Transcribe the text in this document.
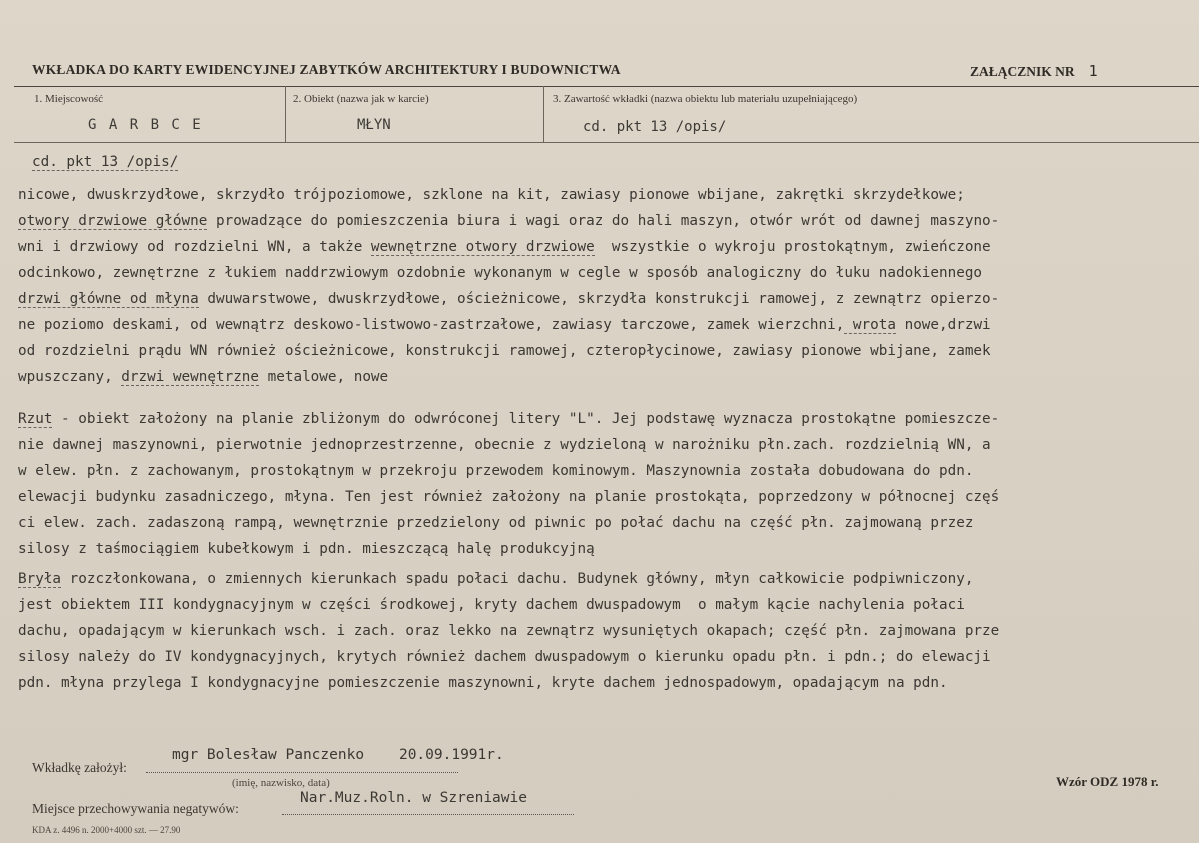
WKŁADKA DO KARTY EWIDENCYJNEJ ZABYTKÓW ARCHITEKTURY I BUDOWNICTWA	ZAŁĄCZNIK NR 1
1. Miejscowość
G A R B C E
2. Obiekt (nazwa jak w karcie)
MŁYN
3. Zawartość wkładki (nazwa obiektu lub materiału uzupełniającego)
cd. pkt 13 /opis/
cd. pkt 13 /opis/
nicowe, dwuskrzydłowe, skrzydło trójpoziomowe, szklone na kit, zawiasy pionowe wbijane, zakrętki skrzydełkowe;
otwory drzwiowe główne prowadzące do pomieszczenia biura i wagi oraz do hali maszyn, otwór wrót od dawnej maszyno-
wni i drzwiowy od rozdzielni WN, a także wewnętrzne otwory drzwiowe  wszystkie o wykroju prostokątnym, zwieńczone
odcinkowo, zewnętrzne z łukiem naddrzwiowym ozdobnie wykonanym w cegle w sposób analogiczny do łuku nadokiennego
drzwi główne od młyna dwuwarstwowe, dwuskrzydłowe, ościeżnicowe, skrzydła konstrukcji ramowej, z zewnątrz opierzo-
ne poziomo deskami, od wewnątrz deskowo-listwowo-zastrzałowe, zawiasy tarczowe, zamek wierzchni, wrota nowe,drzwi
od rozdzielni prądu WN również ościeżnicowe, konstrukcji ramowej, czteropłycinowe, zawiasy pionowe wbijane, zamek
wpuszczany, drzwi wewnętrzne metalowe, nowe
Rzut - obiekt założony na planie zbliżonym do odwróconej litery "L". Jej podstawę wyznacza prostokątne pomieszcze-
nie dawnej maszynowni, pierwotnie jednoprzestrzenne, obecnie z wydzieloną w narożniku płn.zach. rozdzielnią WN, a
w elew. płn. z zachowanym, prostokątnym w przekroju przewodem kominowym. Maszynownia została dobudowana do pdn.
elewacji budynku zasadniczego, młyna. Ten jest również założony na planie prostokąta, poprzedzony w północnej częś
ci elew. zach. zadaszoną rampą, wewnętrznie przedzielony od piwnic po połać dachu na część płn. zajmowaną przez
silosy z taśmociągiem kubełkowym i pdn. mieszczącą halę produkcyjną
Bryła rozczłonkowana, o zmiennych kierunkach spadu połaci dachu. Budynek główny, młyn całkowicie podpiwniczony,
jest obiektem III kondygnacyjnym w części środkowej, kryty dachem dwuspadowym  o małym kącie nachylenia połaci
dachu, opadającym w kierunkach wsch. i zach. oraz lekko na zewnątrz wysuniętych okapach; część płn. zajmowana prze
silosy należy do IV kondygnacyjnych, krytych również dachem dwuspadowym o kierunku opadu płn. i pdn.; do elewacji
pdn. młyna przylega I kondygnacyjne pomieszczenie maszynowni, kryte dachem jednospadowym, opadającym na pdn.
Wkładkę założył:
mgr Bolesław Panczenko    20.09.1991r.
(imię, nazwisko, data)
Miejsce przechowywania negatywów:
Nar.Muz.Roln. w Szreniawie
KDA z. 4496 n. 2000+4000 szt. — 27.90
Wzór ODZ 1978 r.
